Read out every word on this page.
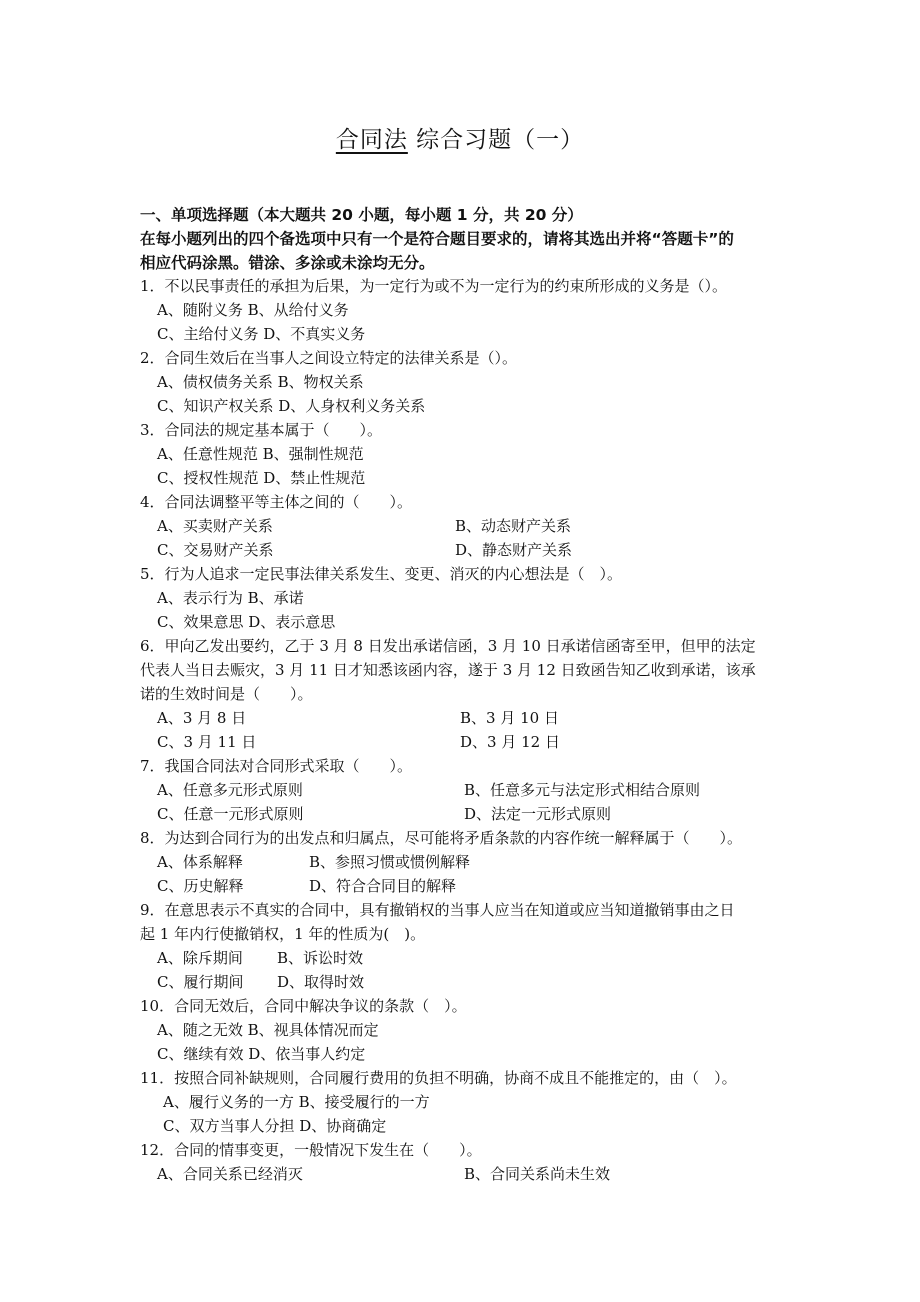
合同法 综合习题（一）
一、单项选择题（本大题共 20 小题，每小题 1 分，共 20 分）
在每小题列出的四个备选项中只有一个是符合题目要求的，请将其选出并将“答题卡”的
相应代码涂黑。错涂、多涂或未涂均无分。
1．不以民事责任的承担为后果，为一定行为或不为一定行为的约束所形成的义务是（）。
A、随附义务 B、从给付义务
C、主给付义务 D、不真实义务
2．合同生效后在当事人之间设立特定的法律关系是（）。
A、债权债务关系 B、物权关系
C、知识产权关系 D、人身权利义务关系
3．合同法的规定基本属于（　　）。
A、任意性规范 B、强制性规范
C、授权性规范 D、禁止性规范
4．合同法调整平等主体之间的（　　）。
A、买卖财产关系	B、动态财产关系
C、交易财产关系	D、静态财产关系
5．行为人追求一定民事法律关系发生、变更、消灭的内心想法是（　）。
A、表示行为 B、承诺
C、效果意思 D、表示意思
6．甲向乙发出要约，乙于 3 月 8 日发出承诺信函，3 月 10 日承诺信函寄至甲，但甲的法定
代表人当日去赈灾，3 月 11 日才知悉该函内容，遂于 3 月 12 日致函告知乙收到承诺，该承
诺的生效时间是（　　）。
A、3 月 8 日	B、3 月 10 日
C、3 月 11 日	D、3 月 12 日
7．我国合同法对合同形式采取（　　）。
A、任意多元形式原则	B、任意多元与法定形式相结合原则
C、任意一元形式原则	D、法定一元形式原则
8．为达到合同行为的出发点和归属点，尽可能将矛盾条款的内容作统一解释属于（　　）。
A、体系解释	B、参照习惯或惯例解释
C、历史解释	D、符合合同目的解释
9．在意思表示不真实的合同中，具有撤销权的当事人应当在知道或应当知道撤销事由之日
起 1 年内行使撤销权，1 年的性质为(　)。
A、除斥期间 B、诉讼时效
C、履行期间 D、取得时效
10．合同无效后，合同中解决争议的条款（　）。
A、随之无效 B、视具体情况而定
C、继续有效 D、依当事人约定
11．按照合同补缺规则，合同履行费用的负担不明确，协商不成且不能推定的，由（　）。
A、履行义务的一方 B、接受履行的一方
C、双方当事人分担 D、协商确定
12．合同的情事变更，一般情况下发生在（　　）。
A、合同关系已经消灭	B、合同关系尚未生效
